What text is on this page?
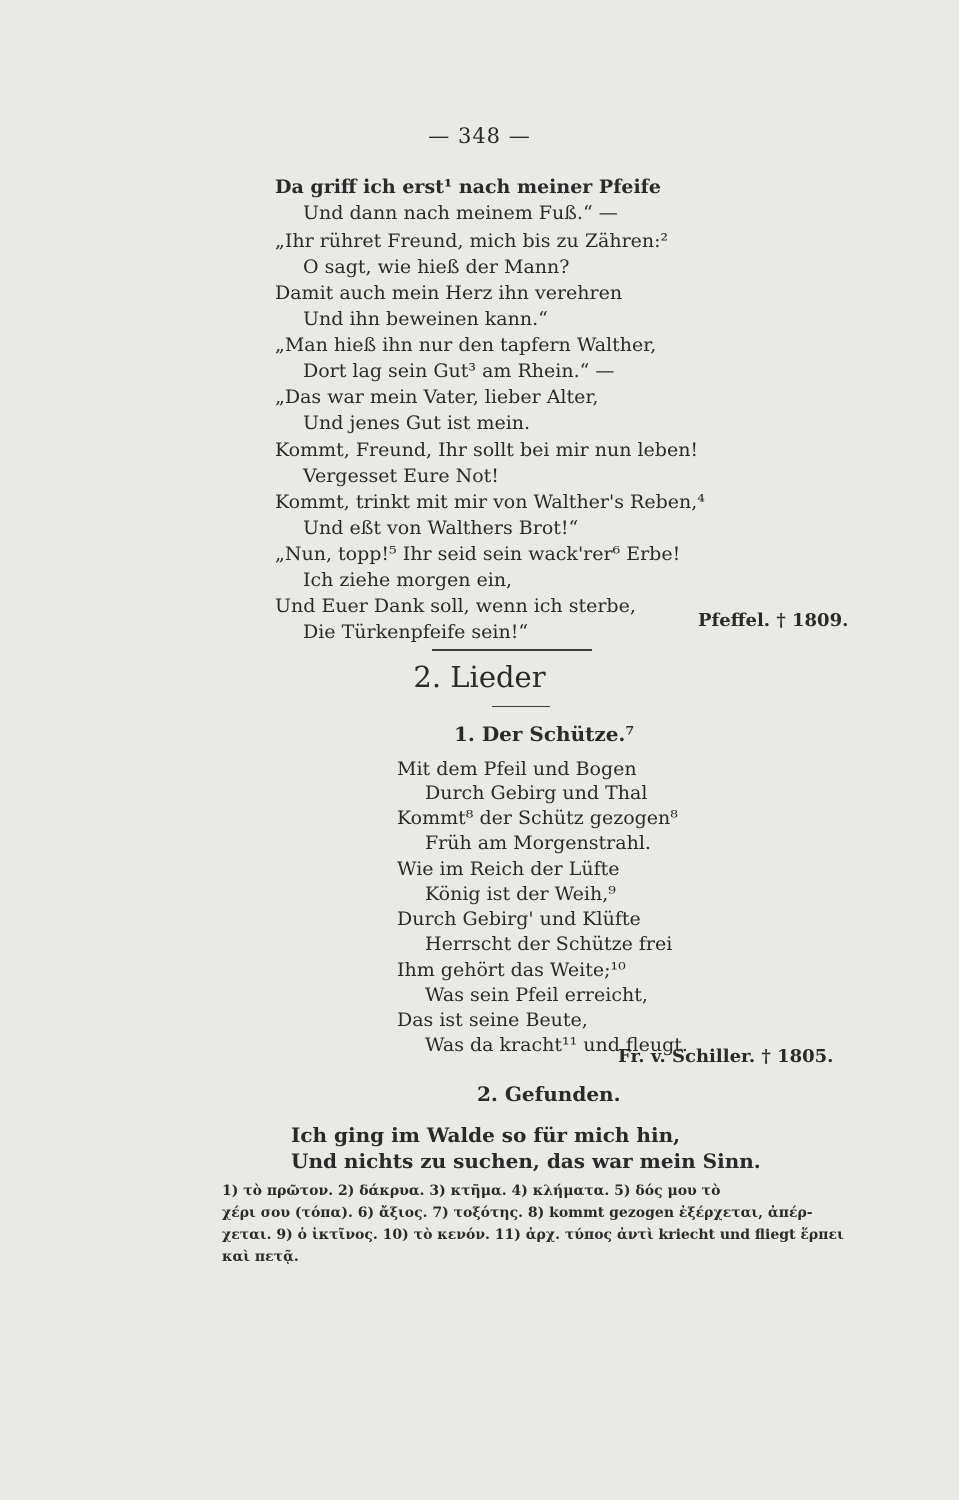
— 348 —
Da griff ich erst¹ nach meiner Pfeife
Und dann nach meinem Fuß.“ —
„Ihr rühret Freund, mich bis zu Zähren:²
O sagt, wie hieß der Mann?
Damit auch mein Herz ihn verehren
Und ihn beweinen kann.“
„Man hieß ihn nur den tapfern Walther,
Dort lag sein Gut³ am Rhein.“ —
„Das war mein Vater, lieber Alter,
Und jenes Gut ist mein.
Kommt, Freund, Ihr sollt bei mir nun leben!
Vergesset Eure Not!
Kommt, trinkt mit mir von Walther's Reben,⁴
Und eßt von Walthers Brot!“
„Nun, topp!⁵ Ihr seid sein wack'rer⁶ Erbe!
Ich ziehe morgen ein,
Und Euer Dank soll, wenn ich sterbe,
Die Türkenpfeife sein!“
Pfeffel. † 1809.
2. Lieder
1. Der Schütze.⁷
Mit dem Pfeil und Bogen
Durch Gebirg und Thal
Kommt⁸ der Schütz gezogen⁸
Früh am Morgenstrahl.
Wie im Reich der Lüfte
König ist der Weih,⁹
Durch Gebirg' und Klüfte
Herrscht der Schütze frei
Ihm gehört das Weite;¹⁰
Was sein Pfeil erreicht,
Das ist seine Beute,
Was da kracht¹¹ und fleugt.
Fr. v. Schiller. † 1805.
2. Gefunden.
Ich ging im Walde so für mich hin,
Und nichts zu suchen, das war mein Sinn.
1) τὸ πρῶτον. 2) δάκρυα. 3) κτῆμα. 4) κλήματα. 5) δός μου τὸ
χέρι σου (τόπα). 6) ἄξιος. 7) τοξότης. 8) kommt gezogen ἐξέρχεται, ἀπέρ-
χεται. 9) ὁ ἰκτῖνος. 10) τὸ κενόν. 11) ἀρχ. τύπος ἀντὶ kriecht und fliegt ἕρπει
καὶ πετᾷ.
